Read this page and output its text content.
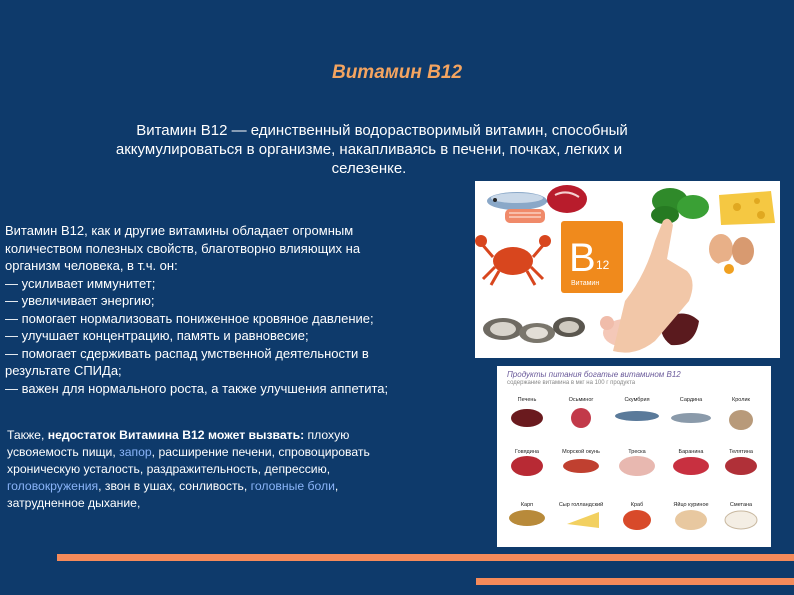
Витамин В12
Витамин В12 — единственный водорастворимый витамин, способный
аккумулироваться в организме, накапливаясь в печени, почках, легких и
селезенке.
Витамин B12, как и другие витамины обладает огромным
количеством полезных свойств, благотворно влияющих на
организм человека, в т.ч. он:
— усиливает иммунитет;
— увеличивает энергию;
— помогает нормализовать пониженное кровяное давление;
— улучшает концентрацию, память и равновесие;
— помогает сдерживать распад умственной деятельности в
результате СПИДа;
— важен для нормального роста, а также улучшения аппетита;
B 12
Витамин
Продукты питания богатые витамином В12
содержание витамина в мкг на 100 г продукта
Печень	Осьминог	Скумбрия	Сардина	Кролик
Говядина	Морской окунь	Треска	Баранина	Телятина
Карп	Сыр голландский	Краб	Яйцо куриное	Сметана
Также, недостаток Витамина В12 может вызвать: плохую
усвояемость пищи, запор, расширение печени, спровоцировать
хроническую усталость, раздражительность, депрессию,
головокружения, звон в ушах, сонливость, головные боли,
затрудненное дыхание,
